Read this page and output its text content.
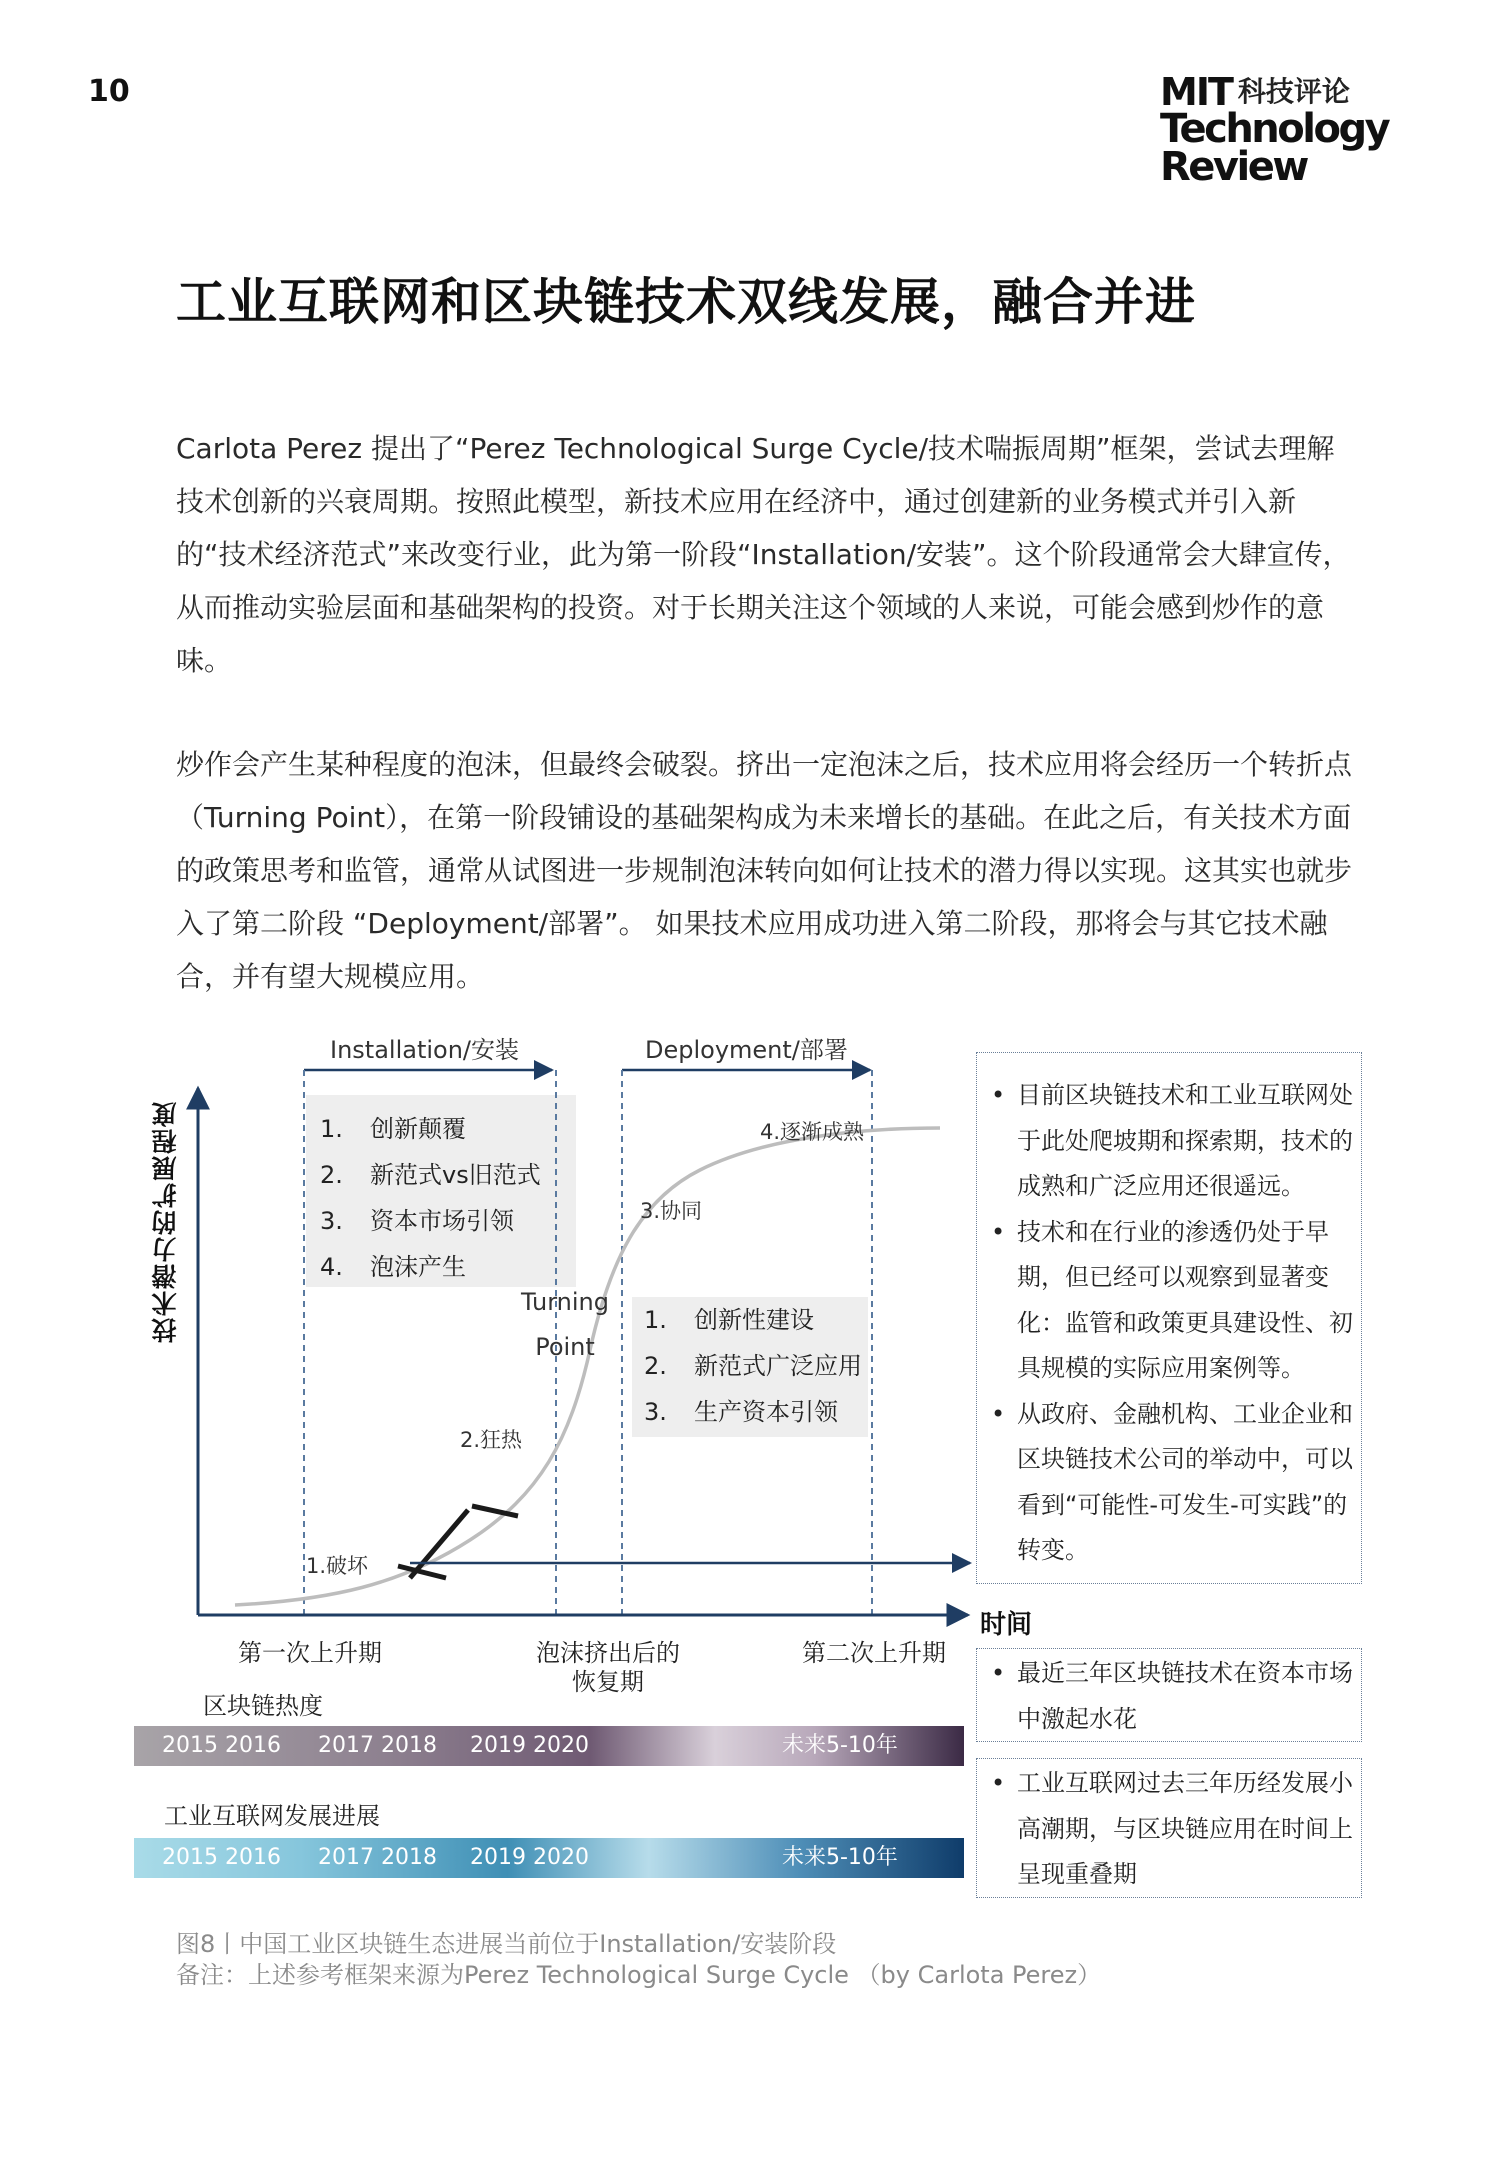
10	MIT 科技评论
Technology
Review
工业互联网和区块链技术双线发展，融合并进

Carlota Perez 提出了“Perez Technological Surge Cycle/技术喘振周期”框架，尝试去理解技术创新的兴衰周期。按照此模型，新技术应用在经济中，通过创建新的业务模式并引入新的“技术经济范式”来改变行业，此为第一阶段“Installation/安装”。这个阶段通常会大肆宣传，从而推动实验层面和基础架构的投资。对于长期关注这个领域的人来说，可能会感到炒作的意味。

炒作会产生某种程度的泡沫，但最终会破裂。挤出一定泡沫之后，技术应用将会经历一个转折点（Turning Point），在第一阶段铺设的基础架构成为未来增长的基础。在此之后，有关技术方面的政策思考和监管，通常从试图进一步规制泡沫转向如何让技术的潜力得以实现。这其实也就步入了第二阶段 “Deployment/部署”。 如果技术应用成功进入第二阶段，那将会与其它技术融合，并有望大规模应用。

Installation/安装	Deployment/部署
技术潜力的扩展程度	1. 创新颠覆
2. 新范式vs旧范式
3. 资本市场引领
4. 泡沫产生
1. 创新性建设
2. 新范式广泛应用
3. 生产资本引领
Turning
Point
1.破坏
2.狂热
3.协同
4.逐渐成熟
时间
第一次上升期	泡沫挤出后的
恢复期
第二次上升期
• 目前区块链技术和工业互联网处于此处爬坡期和探索期，技术的成熟和广泛应用还很遥远。
• 技术和在行业的渗透仍处于早期，但已经可以观察到显著变化：监管和政策更具建设性、初具规模的实际应用案例等。
• 从政府、金融机构、工业企业和区块链技术公司的举动中，可以看到“可能性-可发生-可实践”的转变。
• 最近三年区块链技术在资本市场中激起水花
• 工业互联网过去三年历经发展小高潮期，与区块链应用在时间上呈现重叠期
区块链热度
2015 2016 2017 2018 2019 2020	未来5-10年
工业互联网发展进展
2015 2016 2017 2018 2019 2020	未来5-10年
图8丨中国工业区块链生态进展当前位于Installation/安装阶段
备注：上述参考框架来源为Perez Technological Surge Cycle （by Carlota Perez）
